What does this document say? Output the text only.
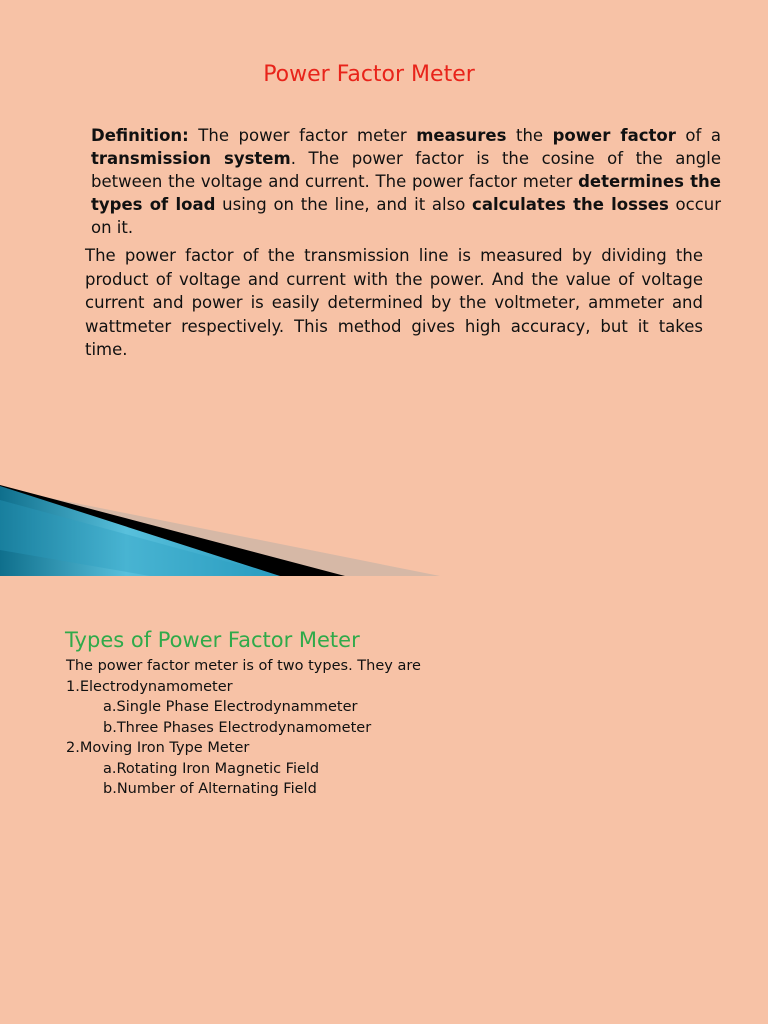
Power Factor Meter
Definition: The power factor meter measures the power factor of a transmission system. The power factor is the cosine of the angle between the voltage and current. The power factor meter determines the types of load using on the line, and it also calculates the losses occur on it.
The power factor of the transmission line is measured by dividing the product of voltage and current with the power. And the value of voltage current and power is easily determined by the voltmeter, ammeter and wattmeter respectively. This method gives high accuracy, but it takes time.
Types of Power Factor Meter
The power factor meter is of two types. They are
1.Electrodynamometer
a.Single Phase Electrodynammeter
b.Three Phases Electrodynamometer
2.Moving Iron Type Meter
a.Rotating Iron Magnetic Field
b.Number of Alternating Field
